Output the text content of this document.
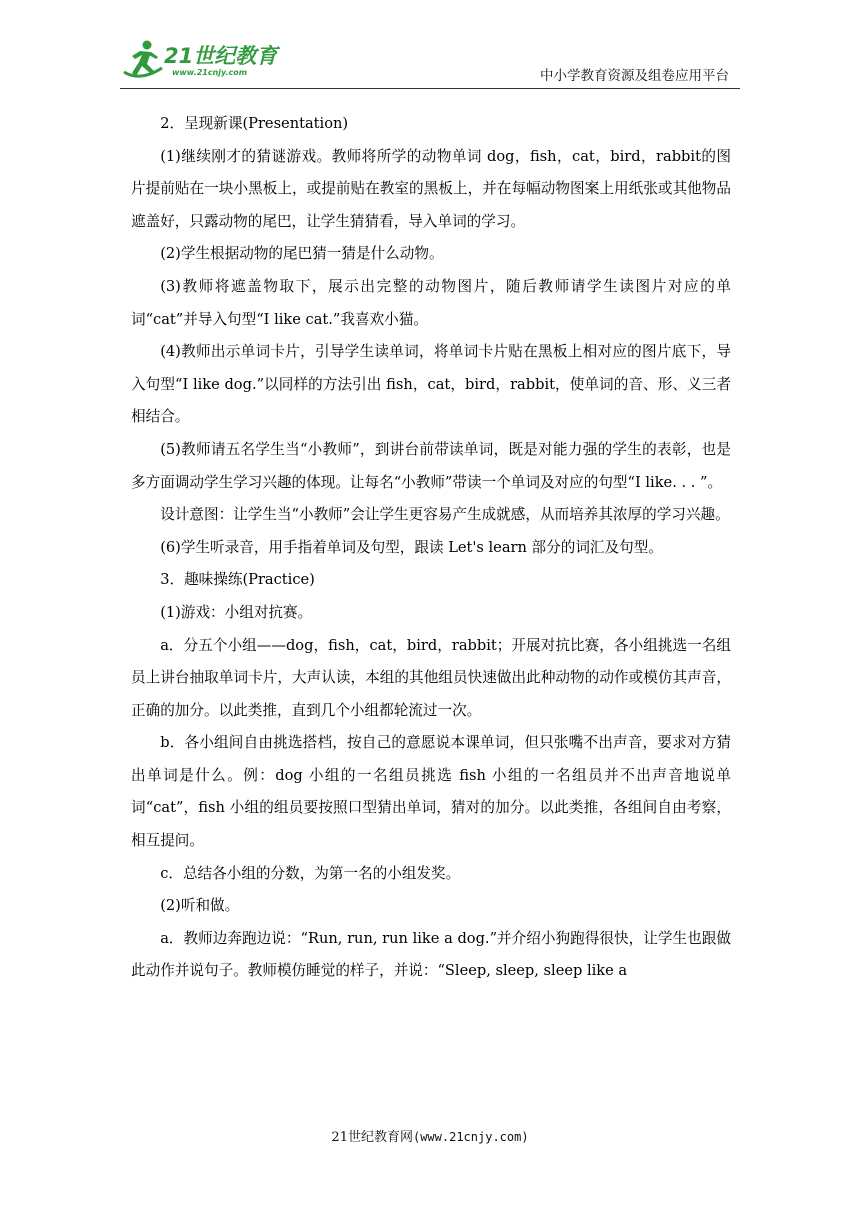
21世纪教育
www.21cnjy.com	中小学教育资源及组卷应用平台

2．呈现新课(Presentation)

(1)继续刚才的猜谜游戏。教师将所学的动物单词 dog，fish，cat，bird，rabbit的图片提前贴在一块小黑板上，或提前贴在教室的黑板上，并在每幅动物图案上用纸张或其他物品遮盖好，只露动物的尾巴，让学生猜猜看，导入单词的学习。

(2)学生根据动物的尾巴猜一猜是什么动物。

(3)教师将遮盖物取下，展示出完整的动物图片，随后教师请学生读图片对应的单词“cat”并导入句型“I like cat.”我喜欢小猫。

(4)教师出示单词卡片，引导学生读单词，将单词卡片贴在黑板上相对应的图片底下，导入句型“I like dog.”以同样的方法引出 fish，cat，bird，rabbit，使单词的音、形、义三者相结合。

(5)教师请五名学生当“小教师”，到讲台前带读单词，既是对能力强的学生的表彰，也是多方面调动学生学习兴趣的体现。让每名“小教师”带读一个单词及对应的句型“I like. . . ”。

设计意图：让学生当“小教师”会让学生更容易产生成就感，从而培养其浓厚的学习兴趣。

(6)学生听录音，用手指着单词及句型，跟读 Let's learn 部分的词汇及句型。

3．趣味操练(Practice)

(1)游戏：小组对抗赛。

a．分五个小组——dog，fish，cat，bird，rabbit；开展对抗比赛，各小组挑选一名组员上讲台抽取单词卡片，大声认读，本组的其他组员快速做出此种动物的动作或模仿其声音，正确的加分。以此类推，直到几个小组都轮流过一次。

b．各小组间自由挑选搭档，按自己的意愿说本课单词，但只张嘴不出声音，要求对方猜出单词是什么。例：dog 小组的一名组员挑选 fish 小组的一名组员并不出声音地说单词“cat”，fish 小组的组员要按照口型猜出单词，猜对的加分。以此类推，各组间自由考察，相互提问。

c．总结各小组的分数，为第一名的小组发奖。

(2)听和做。

a．教师边奔跑边说：“Run, run, run like a dog.”并介绍小狗跑得很快，让学生也跟做此动作并说句子。教师模仿睡觉的样子，并说：“Sleep, sleep, sleep like a

21世纪教育网(www.21cnjy.com)
